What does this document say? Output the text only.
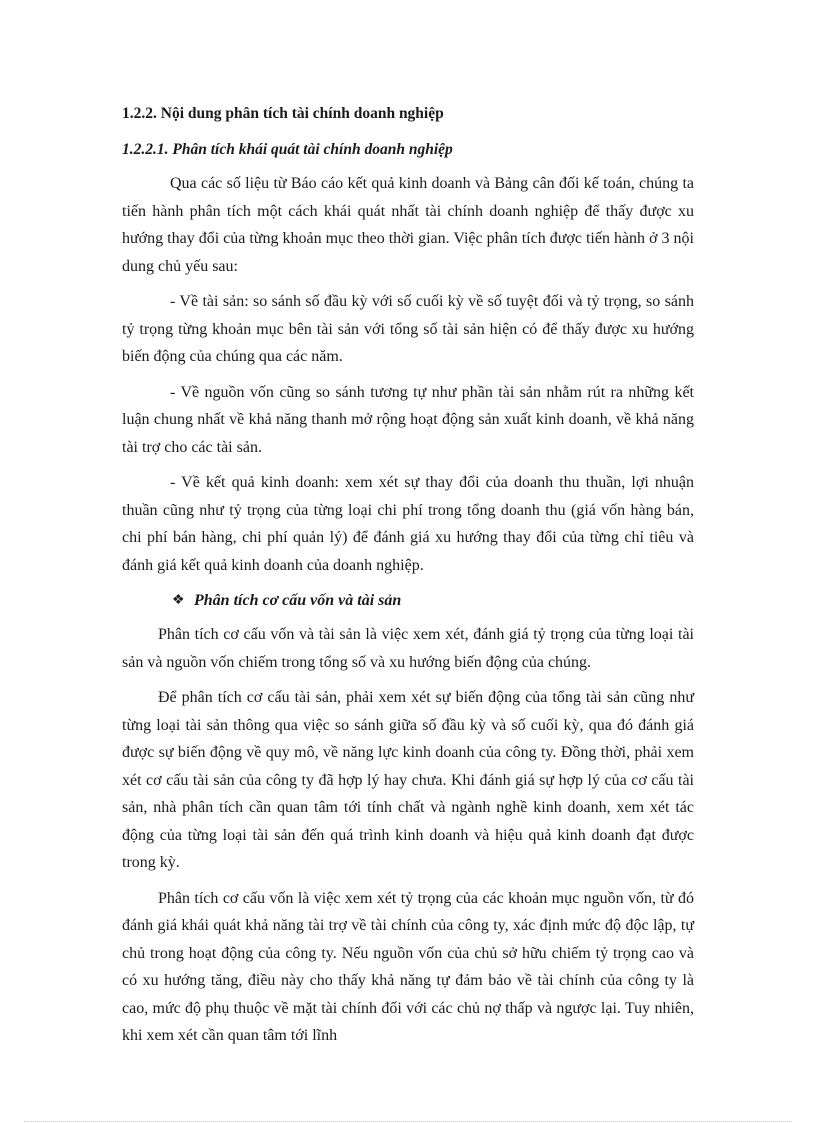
1.2.2. Nội dung phân tích tài chính doanh nghiệp

1.2.2.1. Phân tích khái quát tài chính doanh nghiệp

Qua các số liệu từ Báo cáo kết quả kinh doanh và Bảng cân đối kế toán, chúng ta tiến hành phân tích một cách khái quát nhất tài chính doanh nghiệp để thấy được xu hướng thay đổi của từng khoản mục theo thời gian. Việc phân tích được tiến hành ở 3 nội dung chủ yếu sau:

- Về tài sản: so sánh số đầu kỳ với số cuối kỳ về số tuyệt đối và tỷ trọng, so sánh tỷ trọng từng khoản mục bên tài sản với tổng số tài sản hiện có để thấy được xu hướng biến động của chúng qua các năm.

- Về nguồn vốn cũng so sánh tương tự như phần tài sản nhằm rút ra những kết luận chung nhất về khả năng thanh mở rộng hoạt động sản xuất kinh doanh, về khả năng tài trợ cho các tài sản.

- Về kết quả kinh doanh: xem xét sự thay đổi của doanh thu thuần, lợi nhuận thuần cũng như tỷ trọng của từng loại chi phí trong tổng doanh thu (giá vốn hàng bán, chi phí bán hàng, chi phí quản lý) để đánh giá xu hướng thay đổi của từng chỉ tiêu và đánh giá kết quả kinh doanh của doanh nghiệp.

❖ Phân tích cơ cấu vốn và tài sản

Phân tích cơ cấu vốn và tài sản là việc xem xét, đánh giá tỷ trọng của từng loại tài sản và nguồn vốn chiếm trong tổng số và xu hướng biến động của chúng.

Để phân tích cơ cấu tài sản, phải xem xét sự biến động của tổng tài sản cũng như từng loại tài sản thông qua việc so sánh giữa số đầu kỳ và số cuối kỳ, qua đó đánh giá được sự biến động về quy mô, về năng lực kinh doanh của công ty. Đồng thời, phải xem xét cơ cấu tài sản của công ty đã hợp lý hay chưa. Khi đánh giá sự hợp lý của cơ cấu tài sản, nhà phân tích cần quan tâm tới tính chất và ngành nghề kinh doanh, xem xét tác động của từng loại tài sản đến quá trình kinh doanh và hiệu quả kinh doanh đạt được trong kỳ.

Phân tích cơ cấu vốn là việc xem xét tỷ trọng của các khoản mục nguồn vốn, từ đó đánh giá khái quát khả năng tài trợ về tài chính của công ty, xác định mức độ độc lập, tự chủ trong hoạt động của công ty. Nếu nguồn vốn của chủ sở hữu chiếm tỷ trọng cao và có xu hướng tăng, điều này cho thấy khả năng tự đảm bảo về tài chính của công ty là cao, mức độ phụ thuộc về mặt tài chính đối với các chủ nợ thấp và ngược lại. Tuy nhiên, khi xem xét cần quan tâm tới lĩnh
